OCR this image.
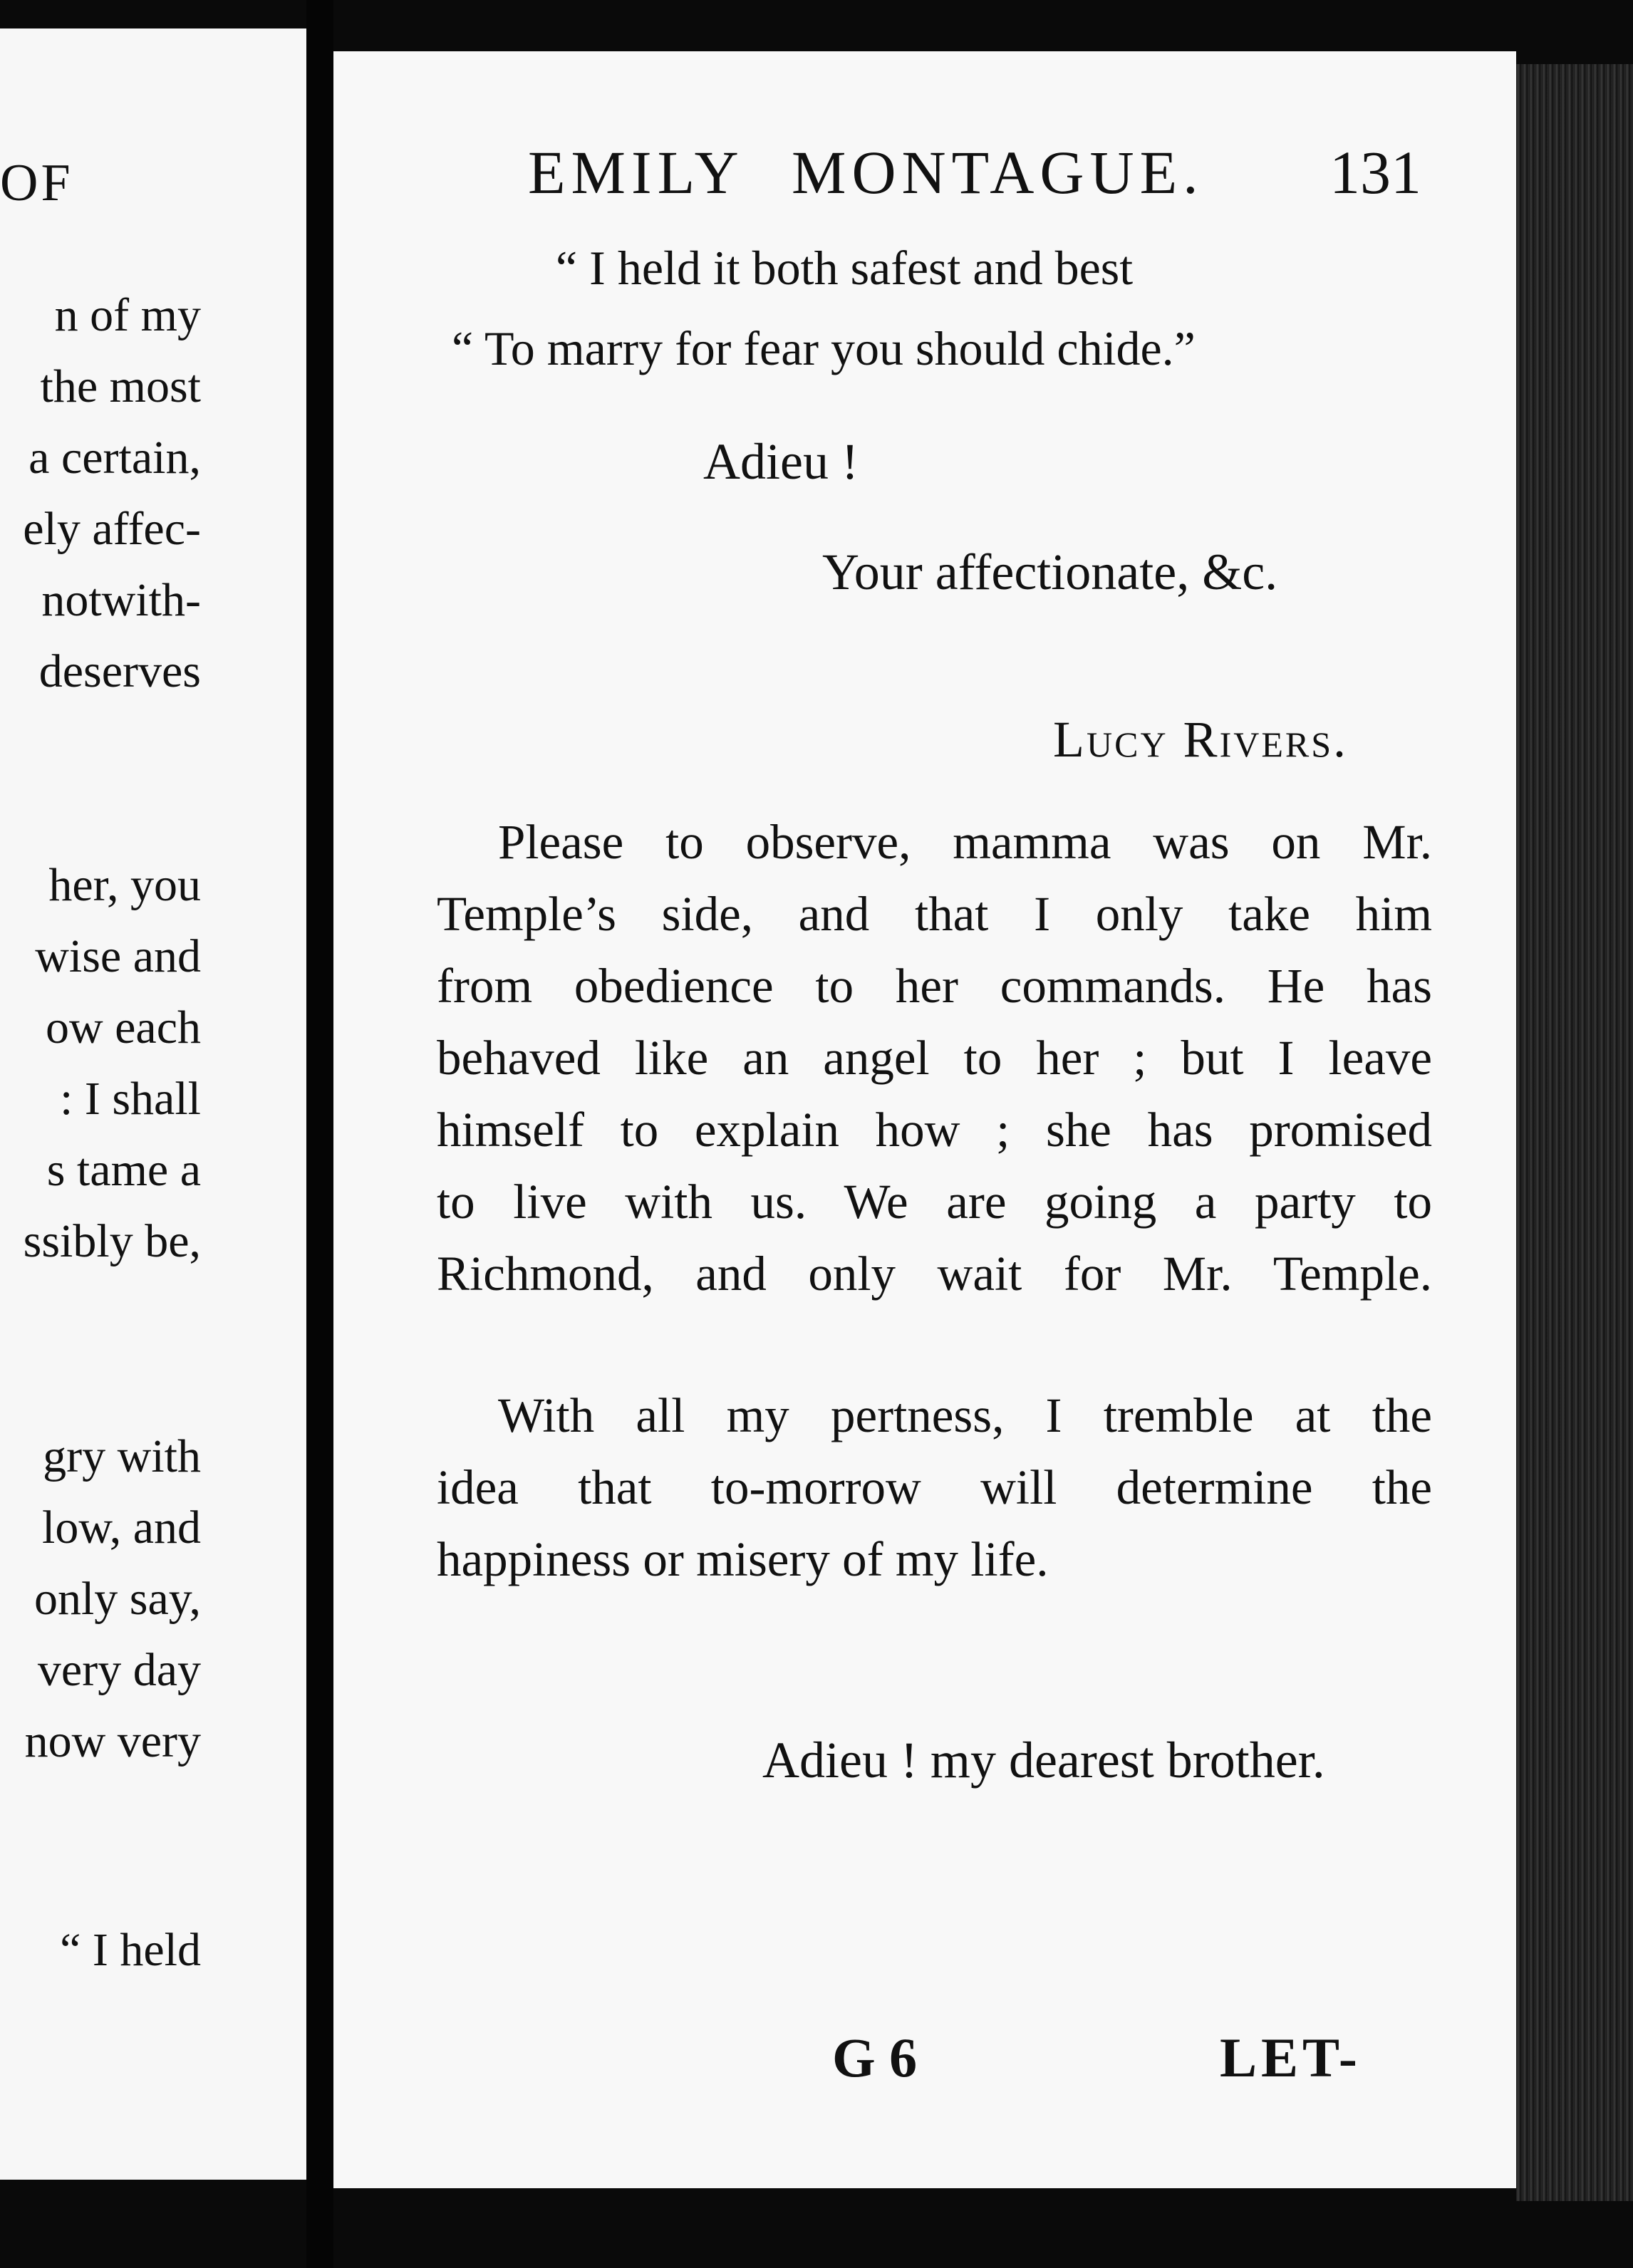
OF
n of my
the most
a certain,
ely affec-
notwith-
deserves
her, you
wise and
ow each
: I shall
s tame a
ssibly be,
gry with
low, and
only say,
very day
now very
“ I held
EMILY MONTAGUE. 131
“ I held it both safest and best
“ To marry for fear you should chide.”
Adieu !
Your affectionate, &c.
Lucy Rivers.
Please to observe, mamma was on Mr.
Temple’s side, and that I only take him
from obedience to her commands. He has
behaved like an angel to her ; but I leave
himself to explain how ; she has promised
to live with us. We are going a party to
Richmond, and only wait for Mr. Temple.
With all my pertness, I tremble at the
idea that to-morrow will determine the
happiness or misery of my life.
Adieu ! my dearest brother.
G 6	LET-
